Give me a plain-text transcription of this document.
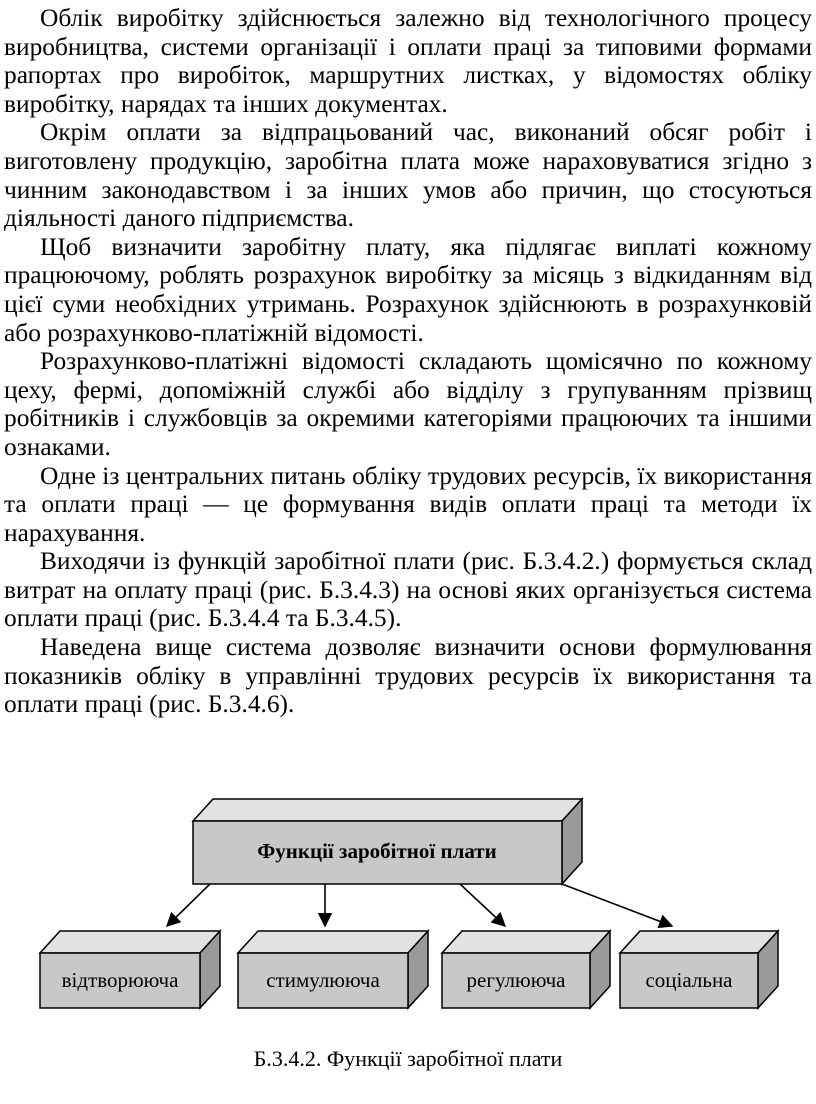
Облік виробітку здійснюється залежно від технологічного процесу виробництва, системи організації і оплати праці за типовими формами рапортах про виробіток, маршрутних листках, у відомостях обліку виробітку, нарядах та інших документах.

Окрім оплати за відпрацьований час, виконаний обсяг робіт і виготовлену продукцію, заробітна плата може нараховуватися згідно з чинним законодавством і за інших умов або причин, що стосуються діяльності даного підприємства.

Щоб визначити заробітну плату, яка підлягає виплаті кожному працюючому, роблять розрахунок виробітку за місяць з відкиданням від цієї суми необхідних утримань. Розрахунок здійснюють в розрахунковій або розрахунково-платіжній відомості.

Розрахунково-платіжні відомості складають щомісячно по кожному цеху, фермі, допоміжній службі або відділу з групуванням прізвищ робітників і службовців за окремими категоріями працюючих та іншими ознаками.

Одне із центральних питань обліку трудових ресурсів, їх використання та оплати праці — це формування видів оплати праці та методи їх нарахування.

Виходячи із функцій заробітної плати (рис. Б.3.4.2.) формується склад витрат на оплату праці (рис. Б.3.4.3) на основі яких організується система оплати праці (рис. Б.3.4.4 та Б.3.4.5).

Наведена вище система дозволяє визначити основи формулювання показників обліку в управлінні трудових ресурсів їх використання та оплати праці (рис. Б.3.4.6).

Функції заробітної плати
відтворююча	стимулююча	регулююча	соціальна
Б.3.4.2. Функції заробітної плати
